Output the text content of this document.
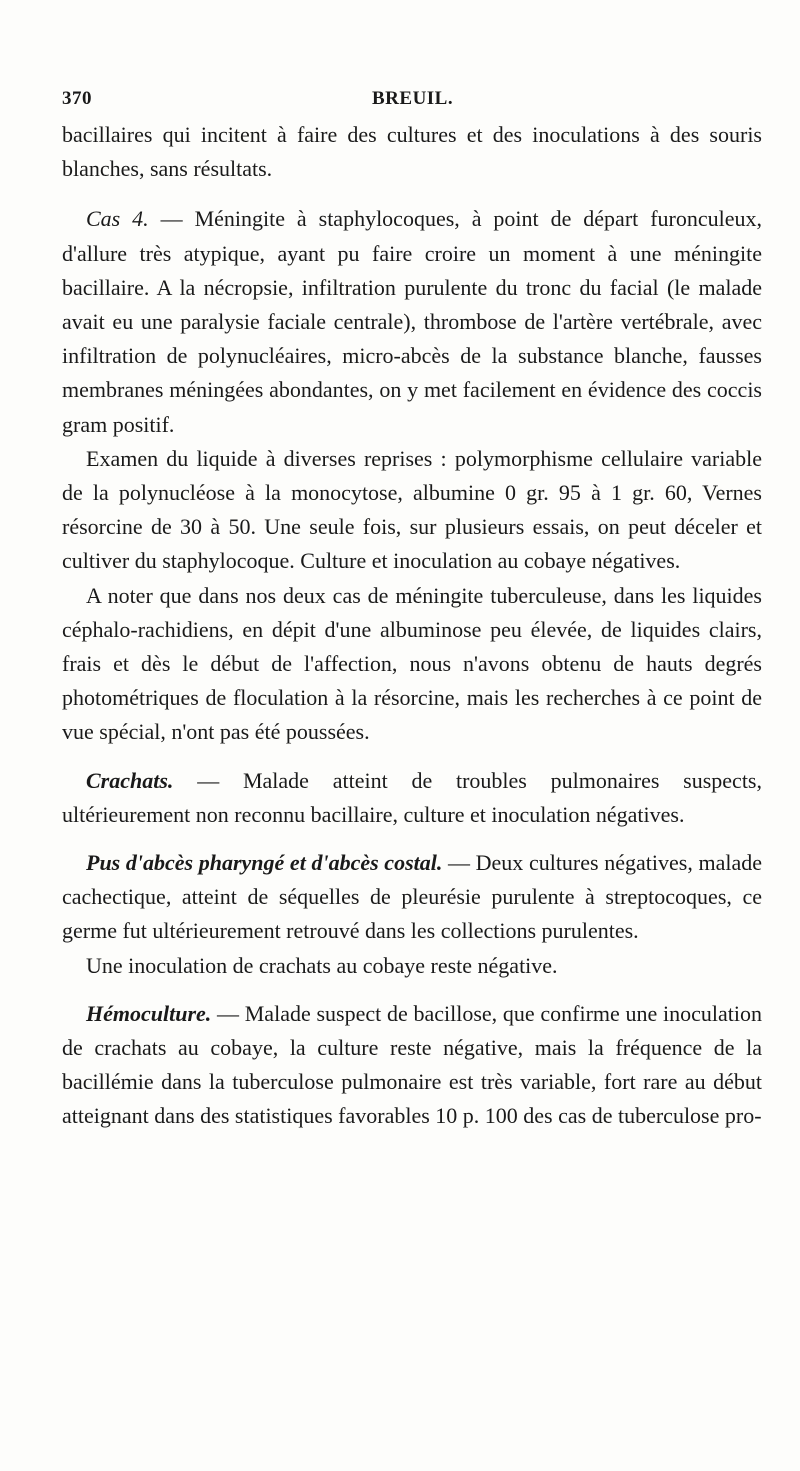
370	BREUIL.

bacillaires qui incitent à faire des cultures et des inoculations à des souris blanches, sans résultats.

Cas 4. — Méningite à staphylocoques, à point de départ furonculeux, d'allure très atypique, ayant pu faire croire un moment à une méningite bacillaire. A la nécropsie, infiltration purulente du tronc du facial (le malade avait eu une paralysie faciale centrale), thrombose de l'artère vertébrale, avec infiltration de polynucléaires, micro-abcès de la substance blanche, fausses membranes méningées abondantes, on y met facilement en évidence des coccis gram positif.

Examen du liquide à diverses reprises : polymorphisme cellulaire variable de la polynucléose à la monocytose, albumine 0 gr. 95 à 1 gr. 60, Vernes résorcine de 30 à 50. Une seule fois, sur plusieurs essais, on peut déceler et cultiver du staphylocoque. Culture et inoculation au cobaye négatives.

A noter que dans nos deux cas de méningite tuberculeuse, dans les liquides céphalo-rachidiens, en dépit d'une albuminose peu élevée, de liquides clairs, frais et dès le début de l'affection, nous n'avons obtenu de hauts degrés photométriques de floculation à la résorcine, mais les recherches à ce point de vue spécial, n'ont pas été poussées.

Crachats. — Malade atteint de troubles pulmonaires suspects, ultérieurement non reconnu bacillaire, culture et inoculation négatives.

Pus d'abcès pharyngé et d'abcès costal. — Deux cultures négatives, malade cachectique, atteint de séquelles de pleurésie purulente à streptocoques, ce germe fut ultérieurement retrouvé dans les collections purulentes.

Une inoculation de crachats au cobaye reste négative.

Hémoculture. — Malade suspect de bacillose, que confirme une inoculation de crachats au cobaye, la culture reste négative, mais la fréquence de la bacillémie dans la tuberculose pulmonaire est très variable, fort rare au début atteignant dans des statistiques favorables 10 p. 100 des cas de tuberculose pro-
